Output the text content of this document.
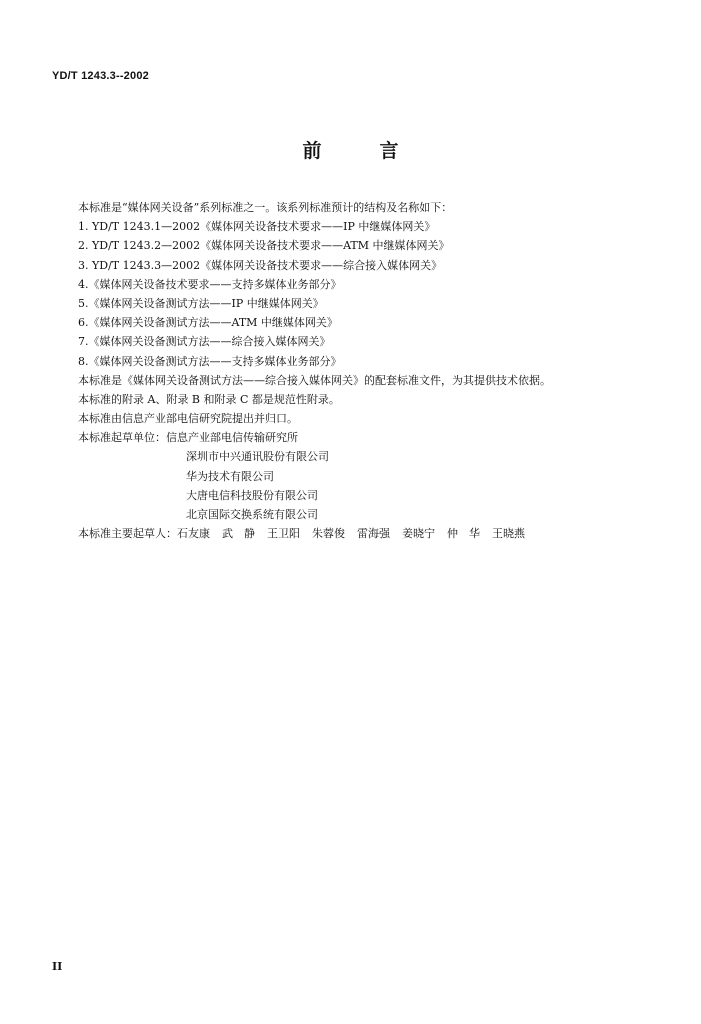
YD/T 1243.3--2002
前言
本标准是“媒体网关设备”系列标准之一。该系列标准预计的结构及名称如下：
1. YD/T 1243.1—2002《媒体网关设备技术要求——IP 中继媒体网关》
2. YD/T 1243.2—2002《媒体网关设备技术要求——ATM 中继媒体网关》
3. YD/T 1243.3—2002《媒体网关设备技术要求——综合接入媒体网关》
4.《媒体网关设备技术要求——支持多媒体业务部分》
5.《媒体网关设备测试方法——IP 中继媒体网关》
6.《媒体网关设备测试方法——ATM 中继媒体网关》
7.《媒体网关设备测试方法——综合接入媒体网关》
8.《媒体网关设备测试方法——支持多媒体业务部分》
本标准是《媒体网关设备测试方法——综合接入媒体网关》的配套标准文件，为其提供技术依据。
本标准的附录 A、附录 B 和附录 C 都是规范性附录。
本标准由信息产业部电信研究院提出并归口。
本标准起草单位：信息产业部电信传输研究所
深圳市中兴通讯股份有限公司
华为技术有限公司
大唐电信科技股份有限公司
北京国际交换系统有限公司
本标准主要起草人：石友康 武　静 王卫阳 朱蓉俊 雷海强 姜晓宁 仲　华 王晓燕
II
